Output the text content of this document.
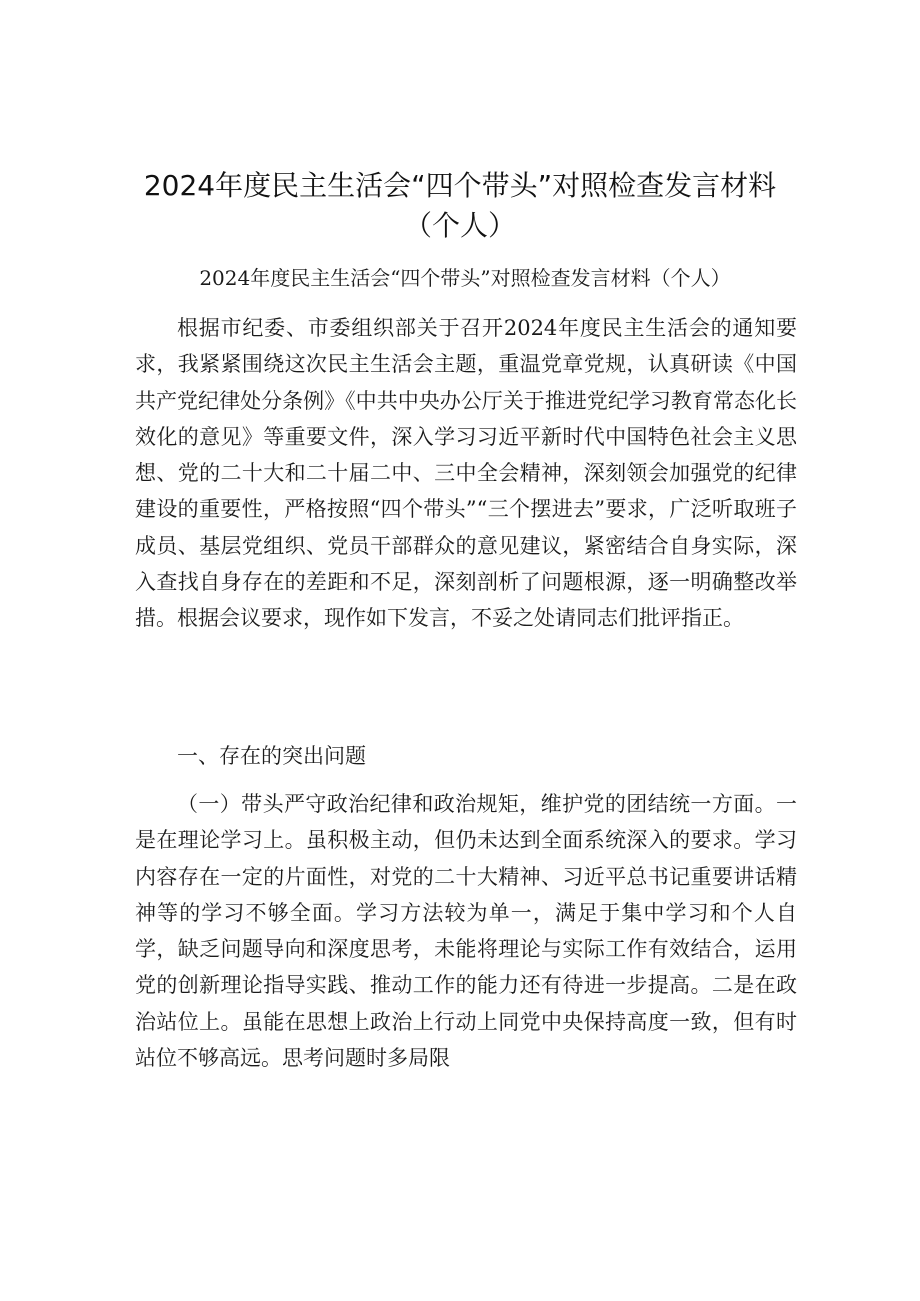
2024年度民主生活会“四个带头”对照检查发言材料（个人）

2024年度民主生活会“四个带头”对照检查发言材料（个人）

根据市纪委、市委组织部关于召开2024年度民主生活会的通知要求，我紧紧围绕这次民主生活会主题，重温党章党规，认真研读《中国共产党纪律处分条例》《中共中央办公厅关于推进党纪学习教育常态化长效化的意见》等重要文件，深入学习习近平新时代中国特色社会主义思想、党的二十大和二十届二中、三中全会精神，深刻领会加强党的纪律建设的重要性，严格按照“四个带头”“三个摆进去”要求，广泛听取班子成员、基层党组织、党员干部群众的意见建议，紧密结合自身实际，深入查找自身存在的差距和不足，深刻剖析了问题根源，逐一明确整改举措。根据会议要求，现作如下发言，不妥之处请同志们批评指正。

一、存在的突出问题

（一）带头严守政治纪律和政治规矩，维护党的团结统一方面。一是在理论学习上。虽积极主动，但仍未达到全面系统深入的要求。学习内容存在一定的片面性，对党的二十大精神、习近平总书记重要讲话精神等的学习不够全面。学习方法较为单一，满足于集中学习和个人自学，缺乏问题导向和深度思考，未能将理论与实际工作有效结合，运用党的创新理论指导实践、推动工作的能力还有待进一步提高。二是在政治站位上。虽能在思想上政治上行动上同党中央保持高度一致，但有时站位不够高远。思考问题时多局限
